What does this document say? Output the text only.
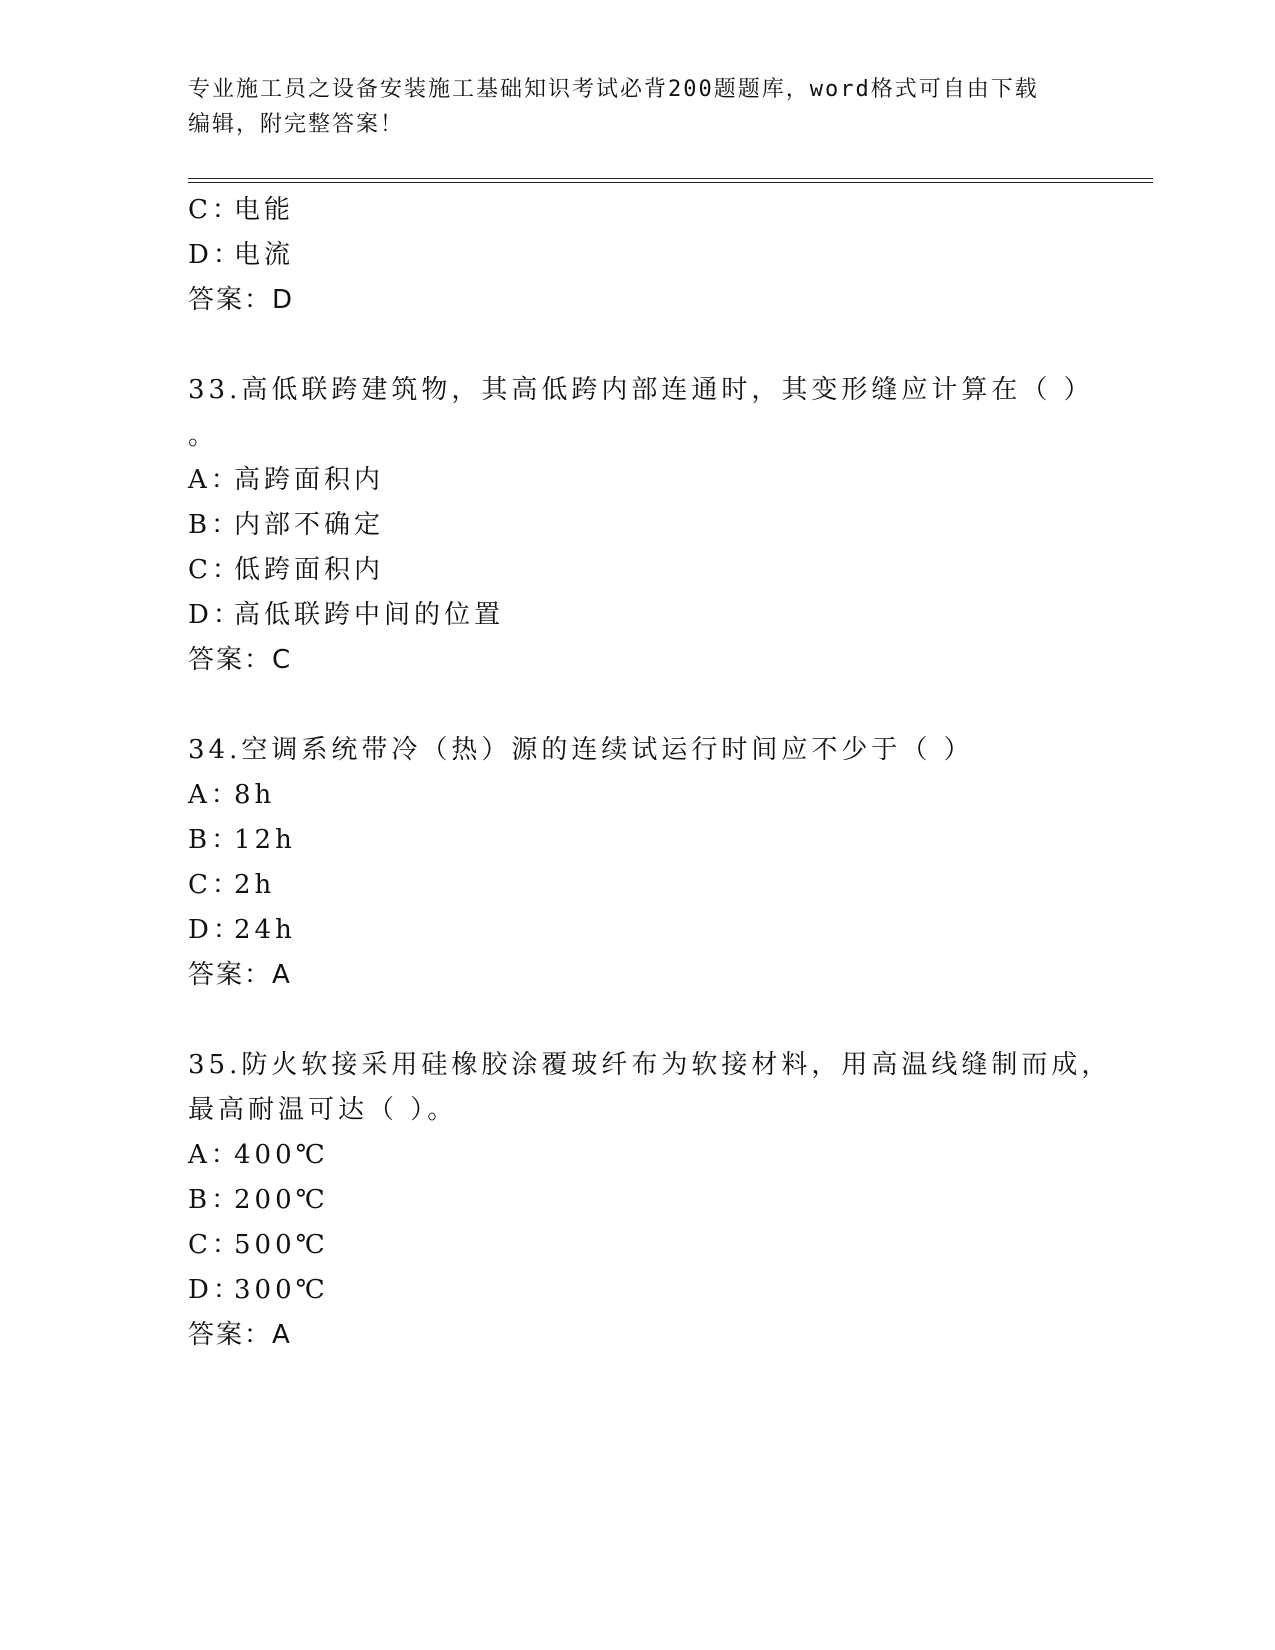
专业施工员之设备安装施工基础知识考试必背200题题库，word格式可自由下载
编辑，附完整答案！
C：电能
D：电流
答案：D
33.高低联跨建筑物，其高低跨内部连通时，其变形缝应计算在（ ）
。
A：高跨面积内
B：内部不确定
C：低跨面积内
D：高低联跨中间的位置
答案：C
34.空调系统带冷（热）源的连续试运行时间应不少于（ ）
A：8h
B：12h
C：2h
D：24h
答案：A
35.防火软接采用硅橡胶涂覆玻纤布为软接材料，用高温线缝制而成，
最高耐温可达（ ）。
A：400℃
B：200℃
C：500℃
D：300℃
答案：A
